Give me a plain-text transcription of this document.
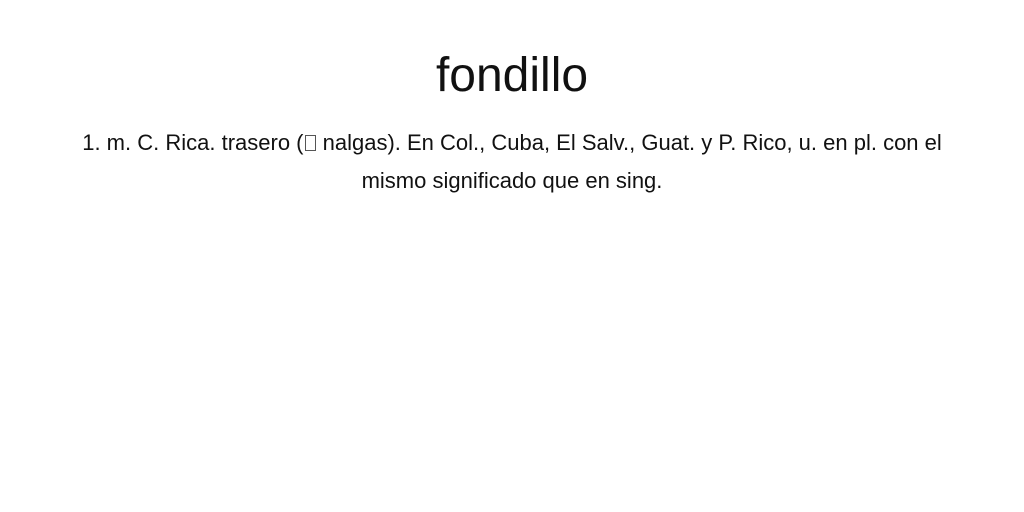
fondillo

1. m. C. Rica. trasero ( nalgas). En Col., Cuba, El Salv., Guat. y P. Rico, u. en pl. con el mismo significado que en sing.
